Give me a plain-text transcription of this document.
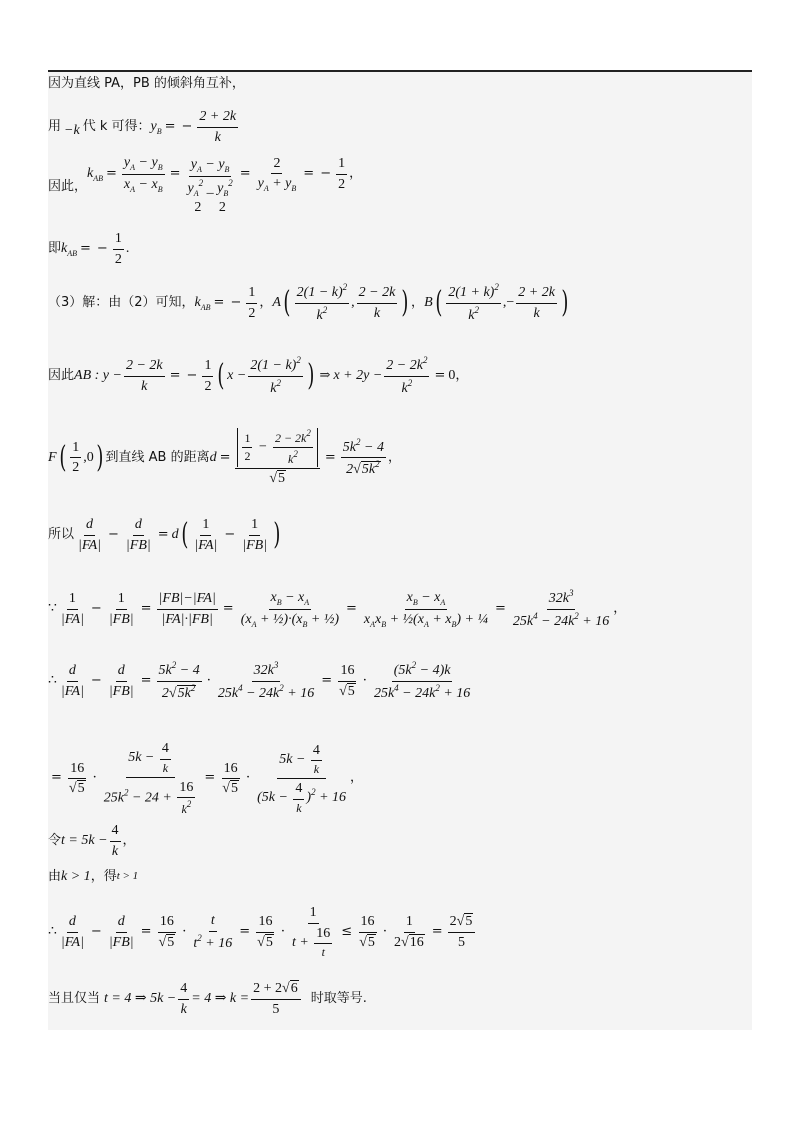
因为直线 PA，PB 的倾斜角互补，
用 −k 代 k 可得： $y_B$ = − $\frac{2 + 2k}{k}$
因此，
$k_{AB} = \frac{y_A - y_B}{x_A - x_B}$ =
$y_A - y_B$
$y_A^2$ _ $y_B^2$
2     2
= $\frac{2}{y_A + y_B}$ = − $\frac{1}{2}$ ，
即 $k_{AB}$ = − $\frac{1}{2}$ .
（3）解：由（2）可知， $k_{AB}$ = − $\frac{1}{2}$ ， A ( $\frac{2(1 - k)^2}{k^2}$ , $\frac{2 - 2k}{k}$ ) ， B ( $\frac{2(1 + k)^2}{k^2}$ ,− $\frac{2 + 2k}{k}$ )
因此 AB : $y - \frac{2 - 2k}{k}$ = − $\frac{1}{2}$ ( $x - \frac{2(1 - k)^2}{k^2}$ ) ⇒ $x + 2y - \frac{2 - 2k^2}{k^2} = 0$ ，
F ( $\frac{1}{2} ,0$ ) 到直线 AB 的距离 $d = \frac{\frac{1}{2} - \frac{2 - 2k^2}{k^2}}{√5} = \frac{5k^2 - 4}{2√5k^2}$ ，
所以 $\frac{d}{|FA|} - \frac{d}{|FB|} = d$ ( $\frac{1}{|FA|} - \frac{1}{|FB|}$ )
∵ $\frac{1}{|FA|} - \frac{1}{|FB|} = \frac{|FB|-|FA|}{|FA|\cdot|FB|} = \frac{x_B - x_A}{(x_A + \frac{1}{2})\cdot(x_B + \frac{1}{2})} = \frac{x_B - x_A}{x_Ax_B + \frac{1}{2}(x_A + x_B) + \frac{1}{4}} = \frac{32k^3}{25k^4 - 24k^2 + 16}$ ，
∴ $\frac{d}{|FA|} - \frac{d}{|FB|} = \frac{5k^2 - 4}{2√5k^2} \cdot \frac{32k^3}{25k^4 - 24k^2 + 16} = \frac{16}{√5} \cdot \frac{(5k^2 - 4)k}{25k^4 - 24k^2 + 16}$
= $\frac{16}{√5} \cdot \frac{5k - \frac{4}{k}}{25k^2 - 24 + \frac{16}{k^2}} = \frac{16}{√5} \cdot \frac{5k - \frac{4}{k}}{(5k - \frac{4}{k} )^2 + 16}$ ，
令 $t = 5k - \frac{4}{k}$ ，
由 k > 1 ，得 t > 1
∴ $\frac{d}{|FA|} - \frac{d}{|FB|} = \frac{16}{√5} \cdot \frac{t}{t^2 + 16} = \frac{16}{√5} \cdot \frac{1}{t + \frac{16}{t}} \le \frac{16}{√5} \cdot \frac{1}{2√16} = \frac{2√5}{5}$
当且仅当 t = 4 ⇒ $5k - \frac{4}{k} = 4$ ⇒ $k = \frac{2 + 2√6}{5}$ 时取等号.
